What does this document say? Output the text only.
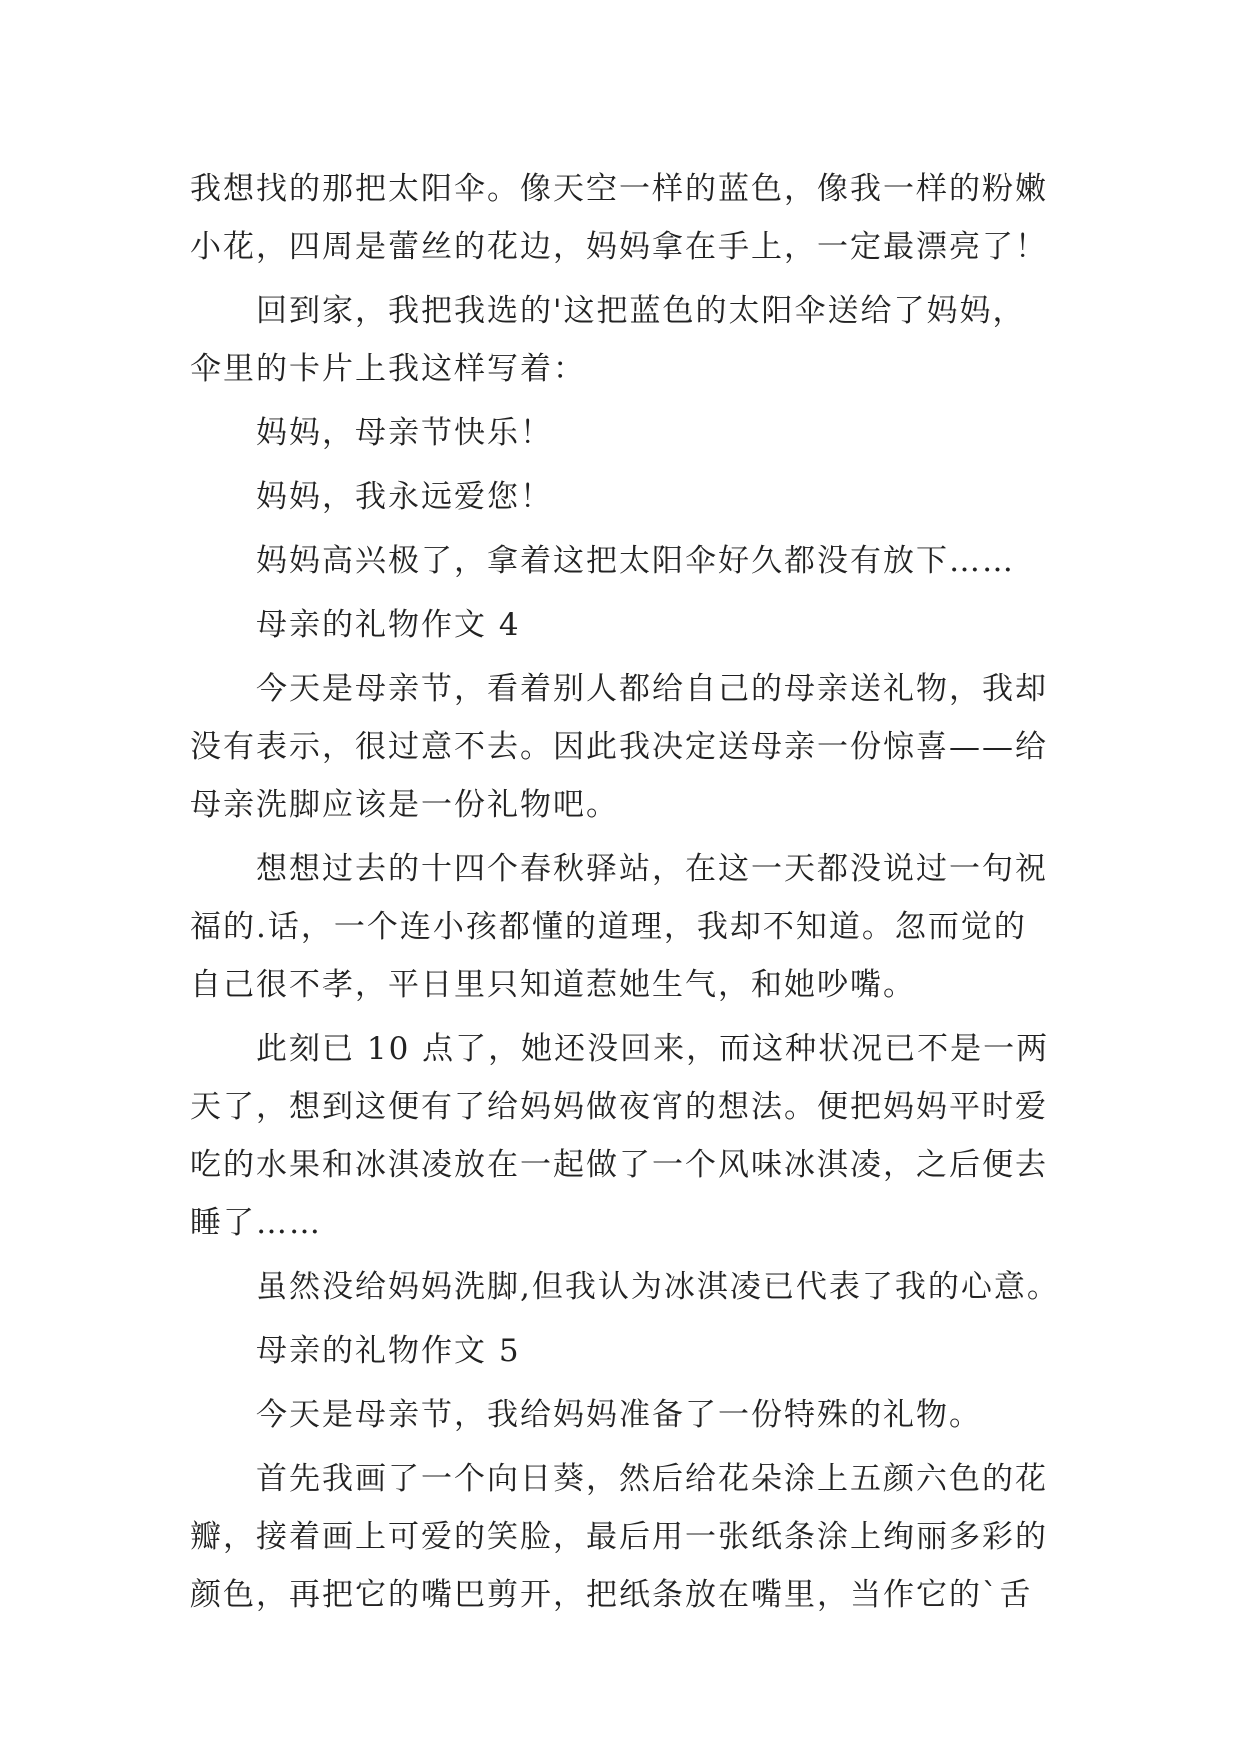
我想找的那把太阳伞。像天空一样的蓝色，像我一样的粉嫩
小花，四周是蕾丝的花边，妈妈拿在手上，一定最漂亮了！
回到家，我把我选的'这把蓝色的太阳伞送给了妈妈，
伞里的卡片上我这样写着：
妈妈，母亲节快乐！
妈妈，我永远爱您！
妈妈高兴极了，拿着这把太阳伞好久都没有放下……
母亲的礼物作文 4
今天是母亲节，看着别人都给自己的母亲送礼物，我却
没有表示，很过意不去。因此我决定送母亲一份惊喜——给
母亲洗脚应该是一份礼物吧。
想想过去的十四个春秋驿站，在这一天都没说过一句祝
福的.话，一个连小孩都懂的道理，我却不知道。忽而觉的
自己很不孝，平日里只知道惹她生气，和她吵嘴。
此刻已 10 点了，她还没回来，而这种状况已不是一两
天了，想到这便有了给妈妈做夜宵的想法。便把妈妈平时爱
吃的水果和冰淇凌放在一起做了一个风味冰淇凌，之后便去
睡了……
虽然没给妈妈洗脚,但我认为冰淇凌已代表了我的心意。
母亲的礼物作文 5
今天是母亲节，我给妈妈准备了一份特殊的礼物。
首先我画了一个向日葵，然后给花朵涂上五颜六色的花
瓣，接着画上可爱的笑脸，最后用一张纸条涂上绚丽多彩的
颜色，再把它的嘴巴剪开，把纸条放在嘴里，当作它的`舌
